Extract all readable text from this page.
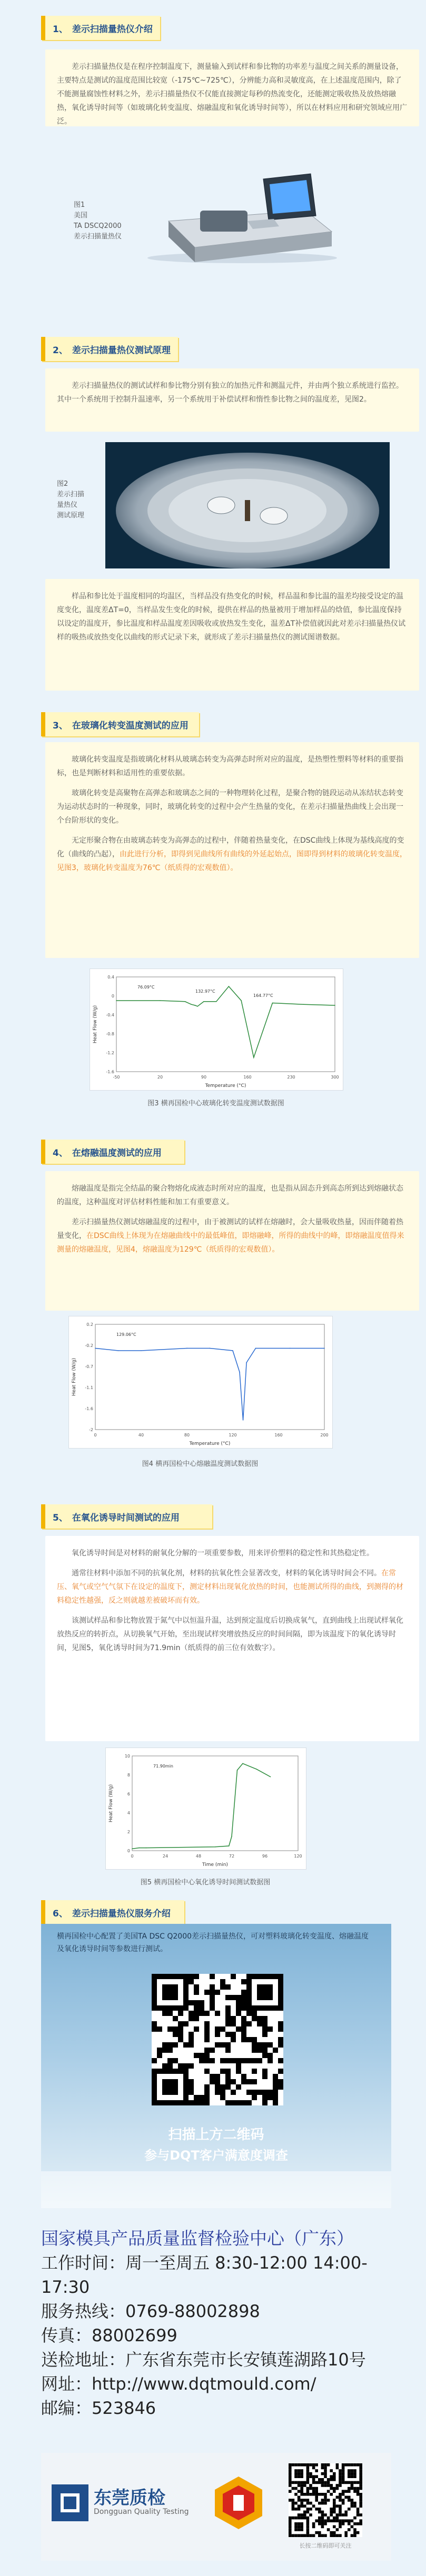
1、 差示扫描量热仪介绍

差示扫描量热仪是在程序控制温度下，测量输入到试样和参比物的功率差与温度之间关系的测量设备，主要特点是测试的温度范围比较宽（-175℃~725℃），分辨能力高和灵敏度高，在上述温度范围内，除了不能测量腐蚀性材料之外，差示扫描量热仪不仅能直接测定每秒的热流变化，还能测定吸收热及放热熔融热，氧化诱导时间等（如玻璃化转变温度、熔融温度和氧化诱导时间等），所以在材料应用和研究领域应用广泛。

图1
美国
TA DSCQ2000
差示扫描量热仪
2、 差示扫描量热仪测试原理

差示扫描量热仪的测试试样和参比物分别有独立的加热元件和测温元件，并由两个独立系统进行监控。其中一个系统用于控制升温速率，另一个系统用于补偿试样和惰性参比物之间的温度差，见图2。

图2
差示扫描
量热仪
测试原理

样品和参比处于温度相同的均温区，当样品没有热变化的时候，样品温和参比温的温差均接受设定的温度变化，温度差ΔT=0，当样品发生变化的时候，提供在样品的热量被用于增加样品的焓值，参比温度保持以设定的温度开，参比温度和样品温度差因吸收或放热发生变化，温差ΔT补偿值就因此对差示扫描量热仪试样的吸热或放热变化以曲线的形式记录下来，就形成了差示扫描量热仪的测试图谱数据。

3、 在玻璃化转变温度测试的应用

玻璃化转变温度是指玻璃化材料从玻璃态转变为高弹态时所对应的温度，是热塑性塑料等材料的重要指标，也是判断材料和适用性的重要依据。

玻璃化转变是高聚物在高弹态和玻璃态之间的一种物理转化过程，是聚合物的链段运动从冻结状态转变为运动状态时的一种现象，同时，玻璃化转变的过程中会产生热量的变化，在差示扫描量热曲线上会出现一个台阶形状的变化。

无定形聚合物在由玻璃态转变为高弹态的过程中，伴随着热量变化，在DSC曲线上体现为基线高度的变化（曲线的凸起），由此进行分析，即得到见曲线所有曲线的外延起始点，图即得到材料的玻璃化转变温度，见图3，玻璃化转变温度为76℃（纸质得的宏观数值）。

-50
-1.6
20
-1.2
90
-0.8
160
-0.4
230
0
300
0.4
Temperature (°C)
Heat Flow (W/g)
76.09°C
132.97°C
164.77°C
图3 横再国检中心玻璃化转变温度测试数据图
4、 在熔融温度测试的应用

熔融温度是指完全结晶的聚合物熔化成液态时所对应的温度，也是指从固态升到高态所到达到熔融状态的温度，这种温度对评估材料性能和加工有重要意义。

差示扫描量热仪测试熔融温度的过程中，由于被测试的试样在熔融时，会大量吸收热量，因而伴随着热量变化，在DSC曲线上体现为在熔融曲线中的最低峰值，即熔融峰，所得的曲线中的峰，即熔融温度值得来测量的熔融温度，见图4，熔融温度为129℃（纸质得的宏观数值）。

0
-2
40
-1.6
80
-1.1
120
-0.7
160
-0.2
200
0.2
Temperature (°C)
Heat Flow (W/g)
129.06°C
图4 横再国检中心熔融温度测试数据图
5、 在氧化诱导时间测试的应用

氧化诱导时间是对材料的耐氧化分解的一项重要参数，用来评价塑料的稳定性和其热稳定性。

通常往材料中添加不同的抗氧化剂，材料的抗氧化性会显著改变，材料的氧化诱导时间会不同。在常压、氧气或空气气氛下在设定的温度下，测定材料出现氧化放热的时间，也能测试所得的曲线，到测得的材料稳定性越强，反之则就越差被破坏而有效。

该测试样品和参比物放置于氮气中以恒温升温，达到预定温度后切换成氧气，直到曲线上出现试样氧化放热反应的转折点，从切换氧气开始，至出现试样突增放热反应的时间间隔，即为该温度下的氧化诱导时间，见图5，氧化诱导时间为71.9min（纸质得的前三位有效数字）。

0
0
24
2
48
4
72
6
96
8
120
10
Time (min)
Heat Flow (W/g)
71.90min
图5 横再国检中心氧化诱导时间测试数据图
6、 差示扫描量热仪服务介绍
横再国检中心配置了美国TA DSC Q2000差示扫描量热仪，可对塑料玻璃化转变温度、熔融温度及氧化诱导时间等参数进行测试。
扫描上方二维码
参与DQT客户满意度调查
国家模具产品质量监督检验中心（广东）
工作时间：周一至周五 8:30-12:00 14:00-17:30
服务热线：0769-88002898
传真：88002699
送检地址：广东省东莞市长安镇莲湖路10号
网址：http://www.dqtmould.com/
邮编：523846
东莞质检
Dongguan Quality Testing
长按二维码即可关注
